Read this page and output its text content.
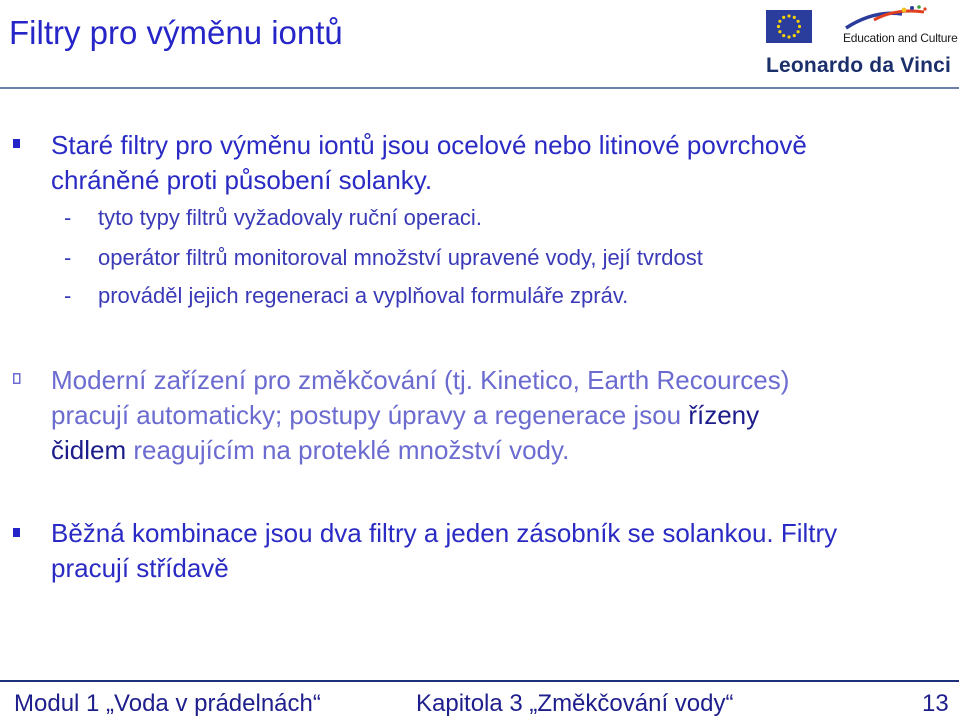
Filtry pro výměnu iontů	Education and Culture
Leonardo da Vinci
Staré filtry pro výměnu iontů jsou ocelové nebo litinové povrchově
chráněné proti působení solanky.
- tyto typy filtrů vyžadovaly ruční operaci.
- operátor filtrů monitoroval množství upravené vody, její tvrdost
- prováděl jejich regeneraci a vyplňoval formuláře zpráv.
Moderní zařízení pro změkčování (tj. Kinetico, Earth Recources)
pracují automaticky; postupy úpravy a regenerace jsou řízeny
čidlem reagujícím na proteklé množství vody.
Běžná kombinace jsou dva filtry a jeden zásobník se solankou. Filtry
pracují střídavě
Modul 1 „Voda v prádelnách“	Kapitola 3 „Změkčování vody“	13
